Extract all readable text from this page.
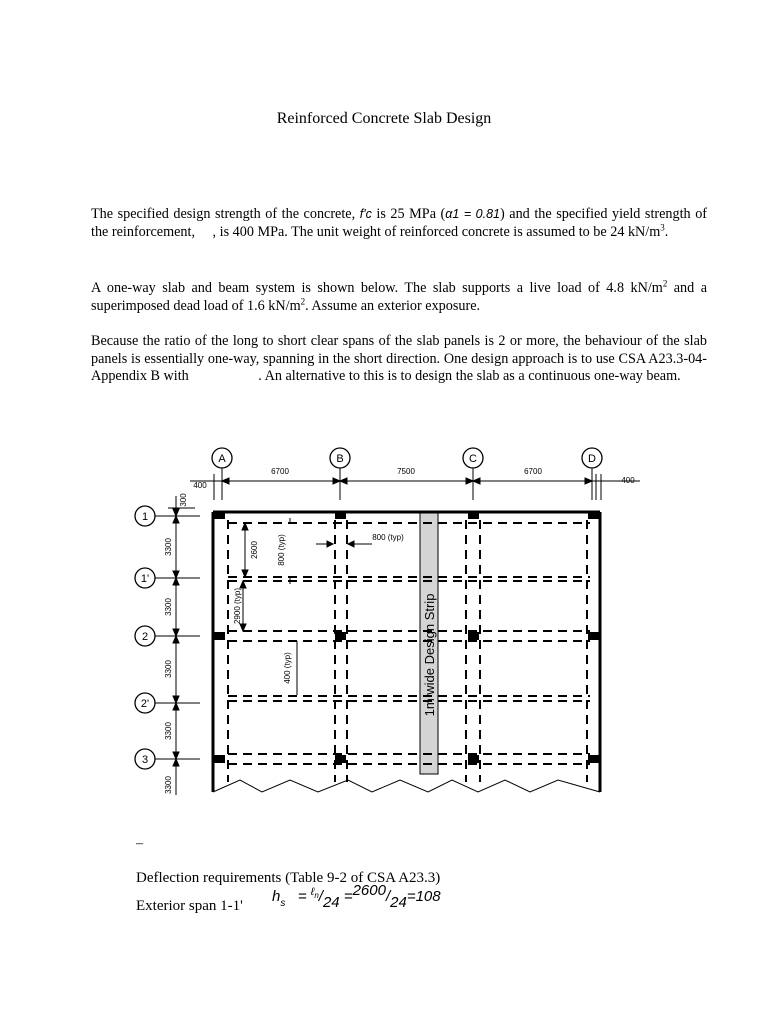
Reinforced Concrete Slab Design

The specified design strength of the concrete, f'c is 25 MPa (α1 = 0.81) and the specified yield strength of the reinforcement, , is 400 MPa. The unit weight of reinforced concrete is assumed to be 24 $kN/m^3$.

A one-way slab and beam system is shown below. The slab supports a live load of 4.8 $kN/m^2$ and a superimposed dead load of 1.6 $kN/m^2$. Assume an exterior exposure.

Because the ratio of the long to short clear spans of the slab panels is 2 or more, the behaviour of the slab panels is essentially one-way, spanning in the short direction. One design approach is to use CSA A23.3-04-Appendix B with	. An alternative to this is to design the slab as a continuous one-way beam.

A	B	C	D
6700	7500	6700
400
400
1
1'
2
2'
3
300
3300
3300
3300
3300
3300
2600 800 (typ)
2900 (typ)
400 (typ)
800 (typ)
1m wide Design Strip
–
Deflection requirements (Table 9-2 of CSA A23.3)
Exterior span 1-1'
$h_s = ^{\ell n}/24 =2600/24=108$
